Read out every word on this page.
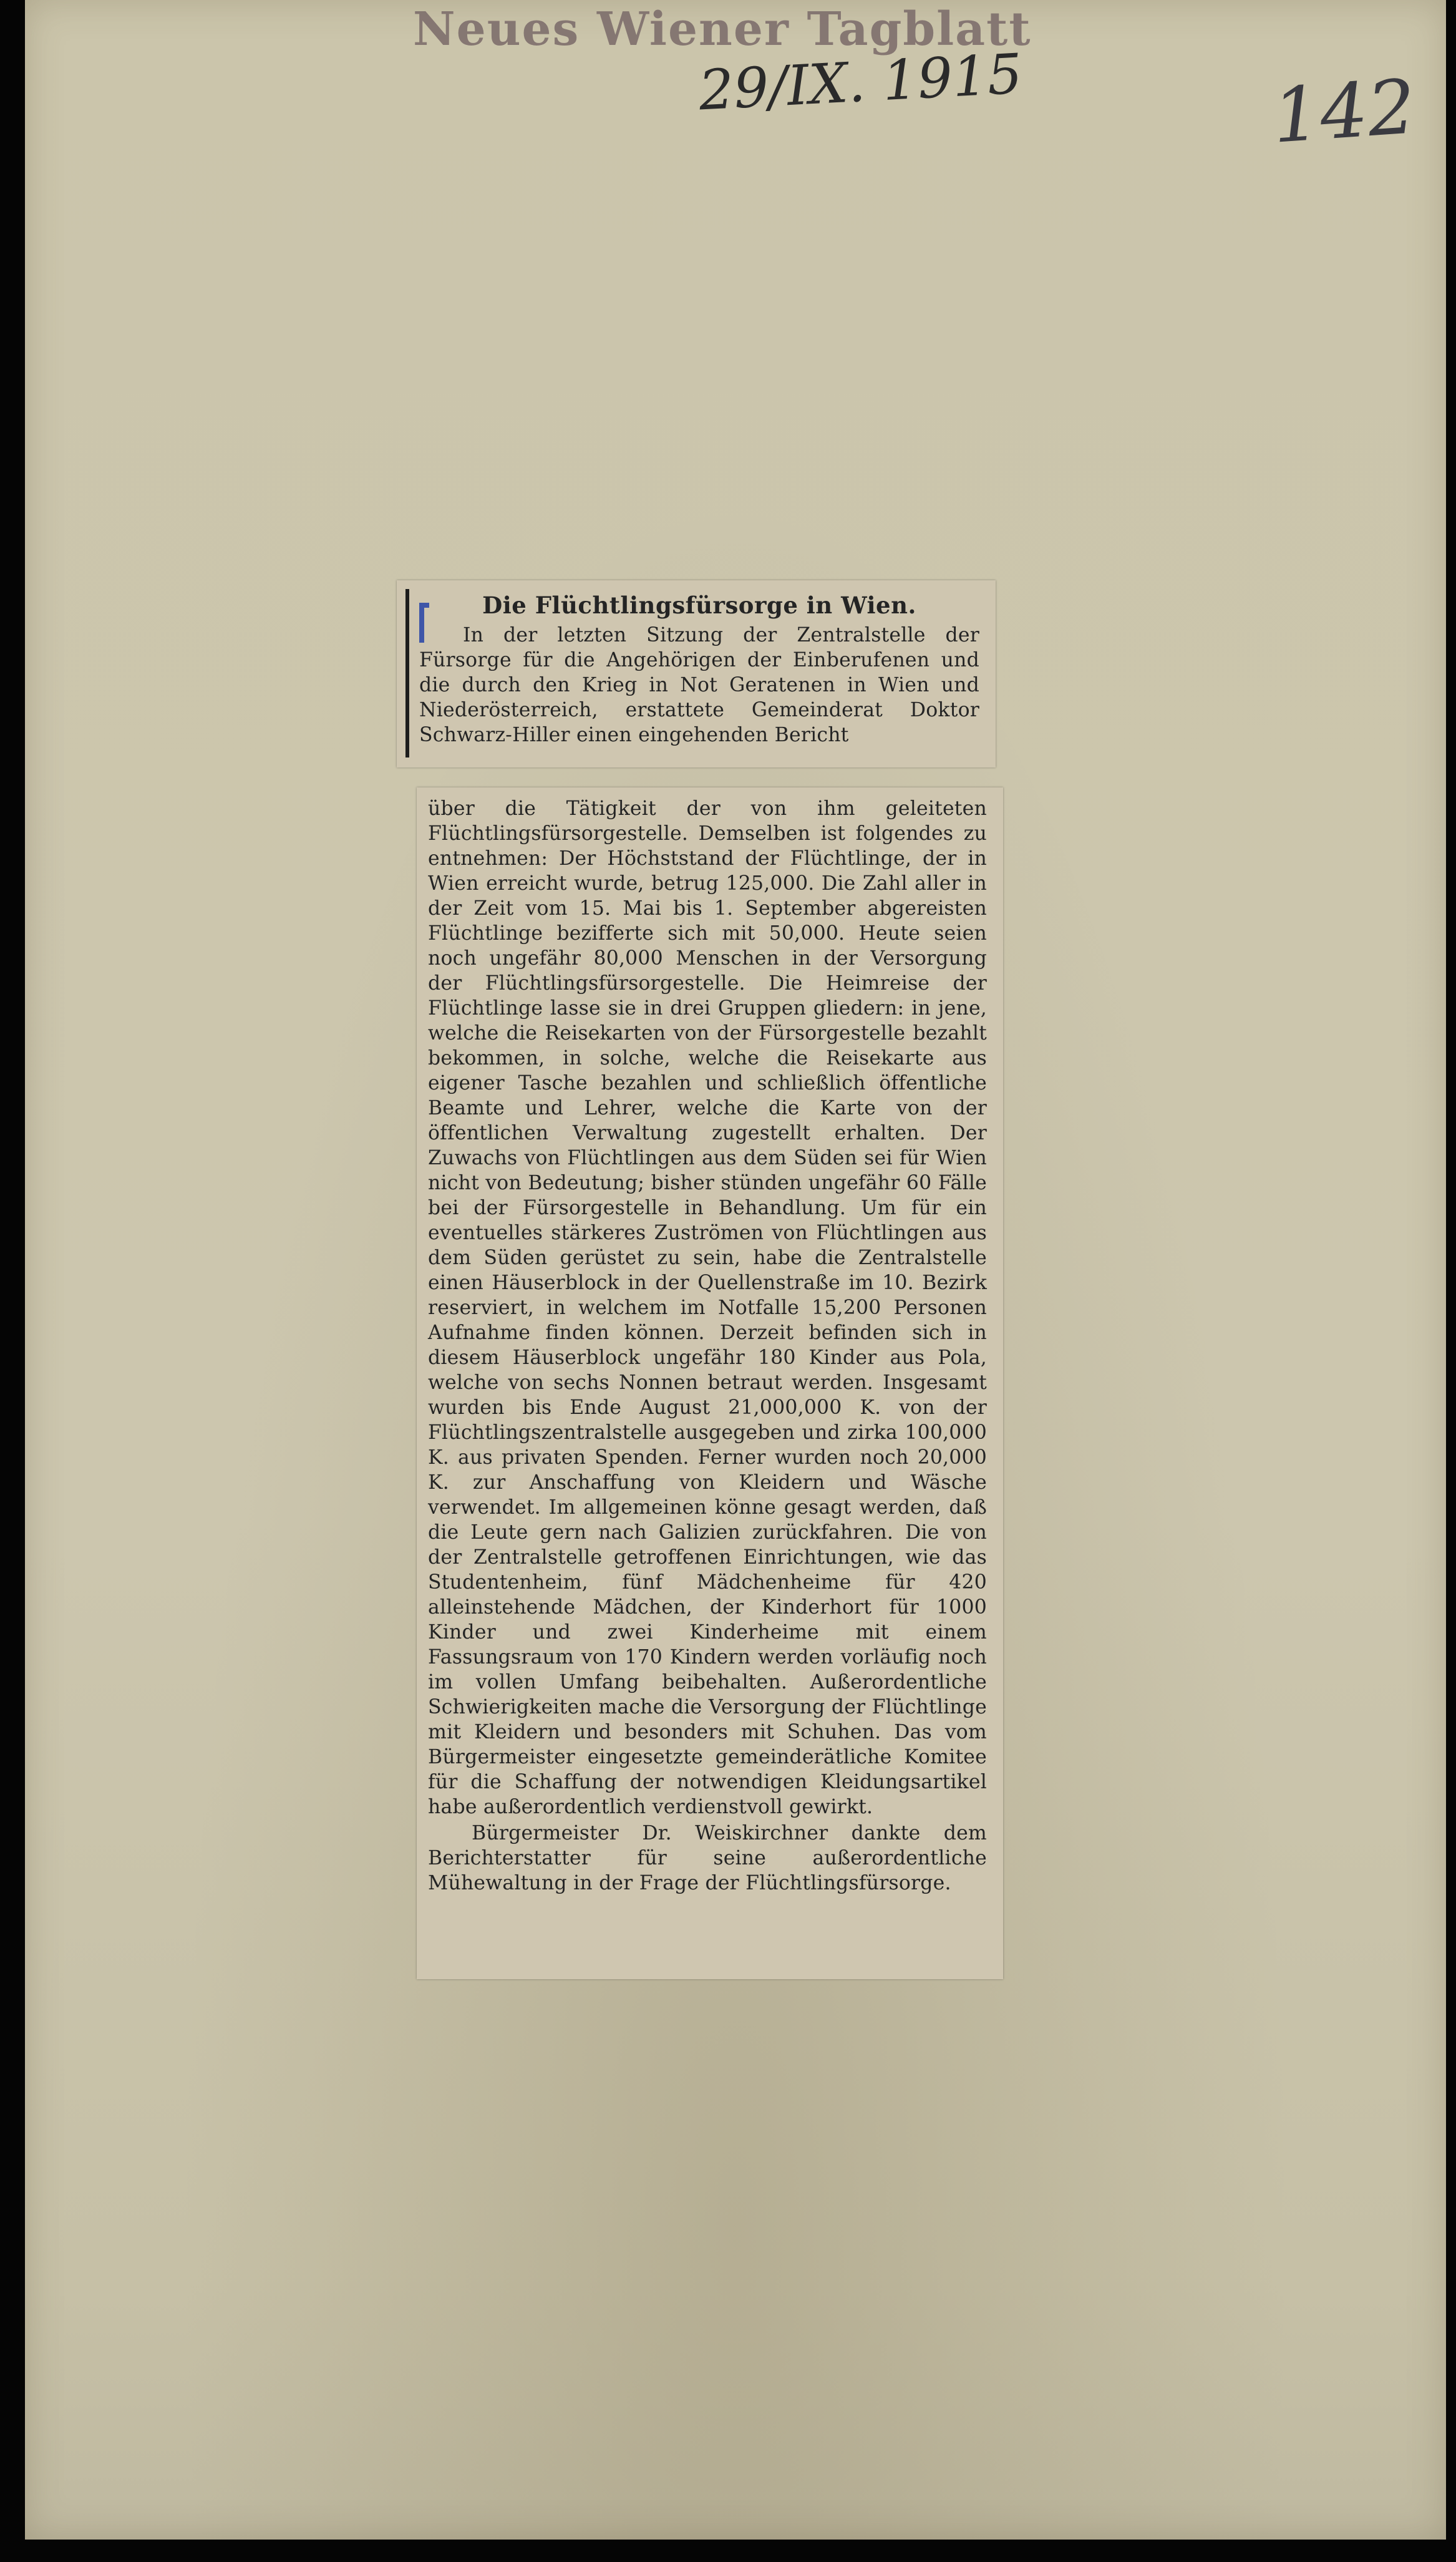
Neues Wiener Tagblatt
29/IX. 1915	142

Die Flüchtlingsfürsorge in Wien.

In der letzten Sitzung der Zentralstelle der Fürsorge für die Angehörigen der Einberufenen und die durch den Krieg in Not Geratenen in Wien und Niederösterreich, erstattete Gemeinderat Doktor Schwarz-Hiller einen eingehenden Bericht

über die Tätigkeit der von ihm geleiteten Flüchtlingsfürsorgestelle. Demselben ist folgendes zu entnehmen: Der Höchststand der Flüchtlinge, der in Wien erreicht wurde, betrug 125,000. Die Zahl aller in der Zeit vom 15. Mai bis 1. September abgereisten Flüchtlinge bezifferte sich mit 50,000. Heute seien noch ungefähr 80,000 Menschen in der Versorgung der Flüchtlingsfürsorgestelle. Die Heimreise der Flüchtlinge lasse sie in drei Gruppen gliedern: in jene, welche die Reisekarten von der Fürsorgestelle bezahlt bekommen, in solche, welche die Reisekarte aus eigener Tasche bezahlen und schließlich öffentliche Beamte und Lehrer, welche die Karte von der öffentlichen Verwaltung zugestellt erhalten. Der Zuwachs von Flüchtlingen aus dem Süden sei für Wien nicht von Bedeutung; bisher stünden ungefähr 60 Fälle bei der Fürsorgestelle in Behandlung. Um für ein eventuelles stärkeres Zuströmen von Flüchtlingen aus dem Süden gerüstet zu sein, habe die Zentralstelle einen Häuserblock in der Quellenstraße im 10. Bezirk reserviert, in welchem im Notfalle 15,200 Personen Aufnahme finden können. Derzeit befinden sich in diesem Häuserblock ungefähr 180 Kinder aus Pola, welche von sechs Nonnen betraut werden. Insgesamt wurden bis Ende August 21,000,000 K. von der Flüchtlingszentralstelle ausgegeben und zirka 100,000 K. aus privaten Spenden. Ferner wurden noch 20,000 K. zur Anschaffung von Kleidern und Wäsche verwendet. Im allgemeinen könne gesagt werden, daß die Leute gern nach Galizien zurückfahren. Die von der Zentralstelle getroffenen Einrichtungen, wie das Studentenheim, fünf Mädchenheime für 420 alleinstehende Mädchen, der Kinderhort für 1000 Kinder und zwei Kinderheime mit einem Fassungsraum von 170 Kindern werden vorläufig noch im vollen Umfang beibehalten. Außerordentliche Schwierigkeiten mache die Versorgung der Flüchtlinge mit Kleidern und besonders mit Schuhen. Das vom Bürgermeister eingesetzte gemeinderätliche Komitee für die Schaffung der notwendigen Kleidungsartikel habe außerordentlich verdienstvoll gewirkt.

Bürgermeister Dr. Weiskirchner dankte dem Berichterstatter für seine außerordentliche Mühewaltung in der Frage der Flüchtlingsfürsorge.
